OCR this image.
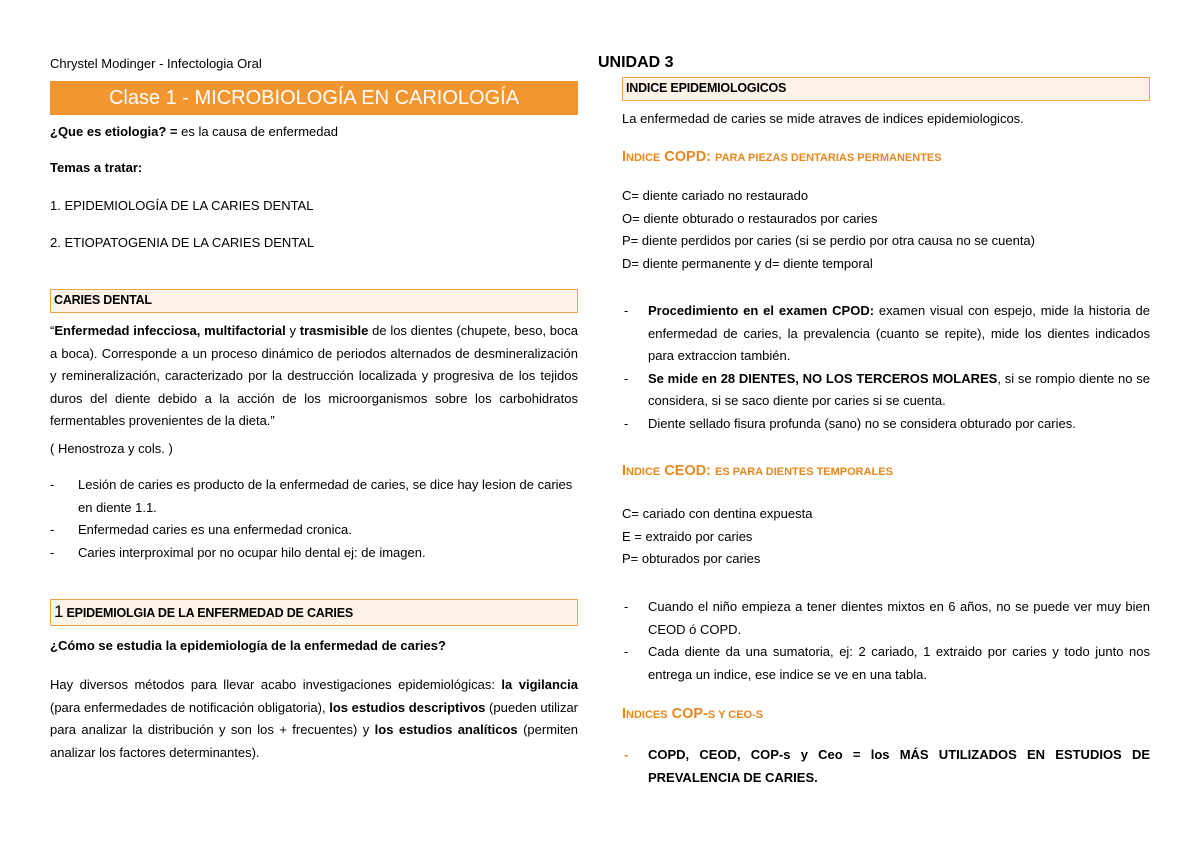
Chrystel Modinger - Infectologia Oral

Clase 1 - MICROBIOLOGÍA EN CARIOLOGÍA

¿Que es etiologia? = es la causa de enfermedad

Temas a tratar:

1. EPIDEMIOLOGÍA DE LA CARIES DENTAL

2. ETIOPATOGENIA DE LA CARIES DENTAL

CARIES DENTAL

“Enfermedad infecciosa, multifactorial y trasmisible de los dientes (chupete, beso, boca a boca). Corresponde a un proceso dinámico de periodos alternados de desmineralización y remineralización, caracterizado por la destrucción localizada y progresiva de los tejidos duros del diente debido a la acción de los microorganismos sobre los carbohidratos fermentables provenientes de la dieta.”

( Henostroza y cols. )

- Lesión de caries es producto de la enfermedad de caries, se dice hay lesion de caries en diente 1.1.
- Enfermedad caries es una enfermedad cronica.
- Caries interproximal por no ocupar hilo dental ej: de imagen.
1 EPIDEMIOLGIA DE LA ENFERMEDAD DE CARIES

¿Cómo se estudia la epidemiología de la enfermedad de caries?

Hay diversos métodos para llevar acabo investigaciones epidemiológicas: la vigilancia (para enfermedades de notificación obligatoria), los estudios descriptivos (pueden utilizar para analizar la distribución y son los + frecuentes) y los estudios analíticos (permiten analizar los factores determinantes).

UNIDAD 3

INDICE EPIDEMIOLOGICOS

La enfermedad de caries se mide atraves de indices epidemiologicos.

INDICE COPD: PARA PIEZAS DENTARIAS PERMANENTES

C= diente cariado no restaurado

O= diente obturado o restaurados por caries

P= diente perdidos por caries (si se perdio por otra causa no se cuenta)

D= diente permanente y d= diente temporal

- Procedimiento en el examen CPOD: examen visual con espejo, mide la historia de enfermedad de caries, la prevalencia (cuanto se repite), mide los dientes indicados para extraccion también.
- Se mide en 28 DIENTES, NO LOS TERCEROS MOLARES, si se rompio diente no se considera, si se saco diente por caries si se cuenta.
- Diente sellado fisura profunda (sano) no se considera obturado por caries.

INDICE CEOD: ES PARA DIENTES TEMPORALES

C= cariado con dentina expuesta

E = extraido por caries

P= obturados por caries

- Cuando el niño empieza a tener dientes mixtos en 6 años, no se puede ver muy bien CEOD ó COPD.
- Cada diente da una sumatoria, ej: 2 cariado, 1 extraido por caries y todo junto nos entrega un indice, ese indice se ve en una tabla.

INDICES COP-S Y CEO-S

- COPD, CEOD, COP-s y Ceo = los MÁS UTILIZADOS EN ESTUDIOS DE PREVALENCIA DE CARIES.
